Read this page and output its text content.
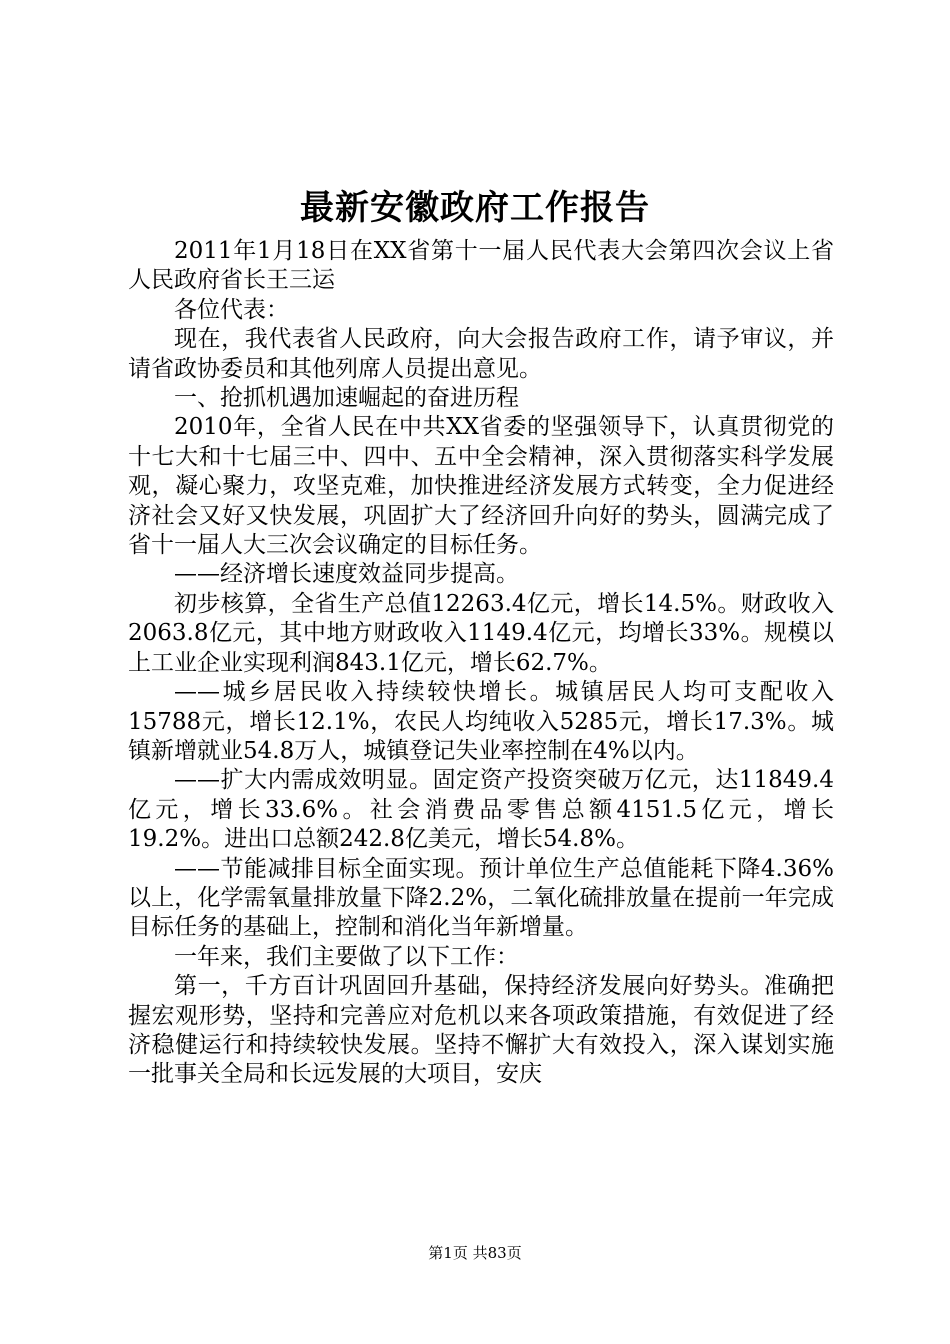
最新安徽政府工作报告

2011年1月18日在XX省第十一届人民代表大会第四次会议上省人民政府省长王三运

各位代表：

现在，我代表省人民政府，向大会报告政府工作，请予审议，并请省政协委员和其他列席人员提出意见。

一、抢抓机遇加速崛起的奋进历程

2010年，全省人民在中共XX省委的坚强领导下，认真贯彻党的十七大和十七届三中、四中、五中全会精神，深入贯彻落实科学发展观，凝心聚力，攻坚克难，加快推进经济发展方式转变，全力促进经济社会又好又快发展，巩固扩大了经济回升向好的势头，圆满完成了省十一届人大三次会议确定的目标任务。

——经济增长速度效益同步提高。

初步核算，全省生产总值12263.4亿元，增长14.5%。财政收入2063.8亿元，其中地方财政收入1149.4亿元，均增长33%。规模以上工业企业实现利润843.1亿元，增长62.7%。

——城乡居民收入持续较快增长。城镇居民人均可支配收入15788元，增长12.1%，农民人均纯收入5285元，增长17.3%。城镇新增就业54.8万人，城镇登记失业率控制在4%以内。

——扩大内需成效明显。固定资产投资突破万亿元，达11849.4亿元，增长33.6%。社会消费品零售总额4151.5亿元，增长19.2%。进出口总额242.8亿美元，增长54.8%。

——节能减排目标全面实现。预计单位生产总值能耗下降4.36%以上，化学需氧量排放量下降2.2%，二氧化硫排放量在提前一年完成目标任务的基础上，控制和消化当年新增量。

一年来，我们主要做了以下工作：

第一，千方百计巩固回升基础，保持经济发展向好势头。准确把握宏观形势，坚持和完善应对危机以来各项政策措施，有效促进了经济稳健运行和持续较快发展。坚持不懈扩大有效投入，深入谋划实施一批事关全局和长远发展的大项目，安庆

第1页 共83页
